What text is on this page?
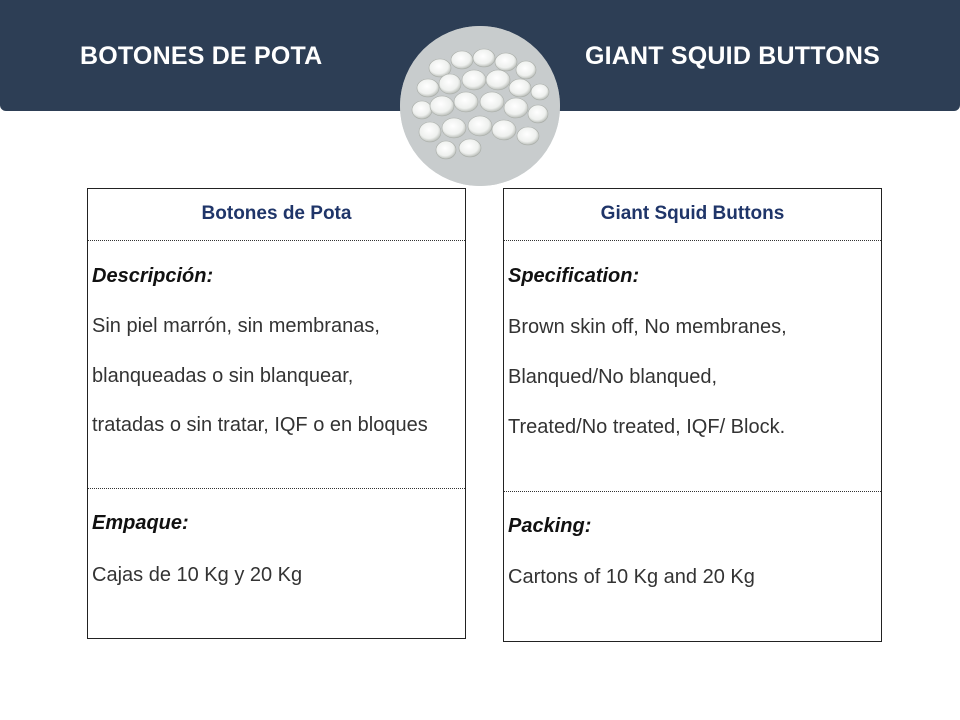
BOTONES DE POTA	GIANT SQUID BUTTONS
Botones de Pota
Descripción:
Sin piel marrón, sin membranas,
blanqueadas o sin blanquear,
tratadas o sin tratar, IQF o en bloques
Empaque:
Cajas de 10 Kg y 20 Kg
Giant Squid Buttons
Specification:
Brown skin off, No membranes,
Blanqued/No blanqued,
Treated/No treated, IQF/ Block.
Packing:
Cartons of 10 Kg and 20 Kg
